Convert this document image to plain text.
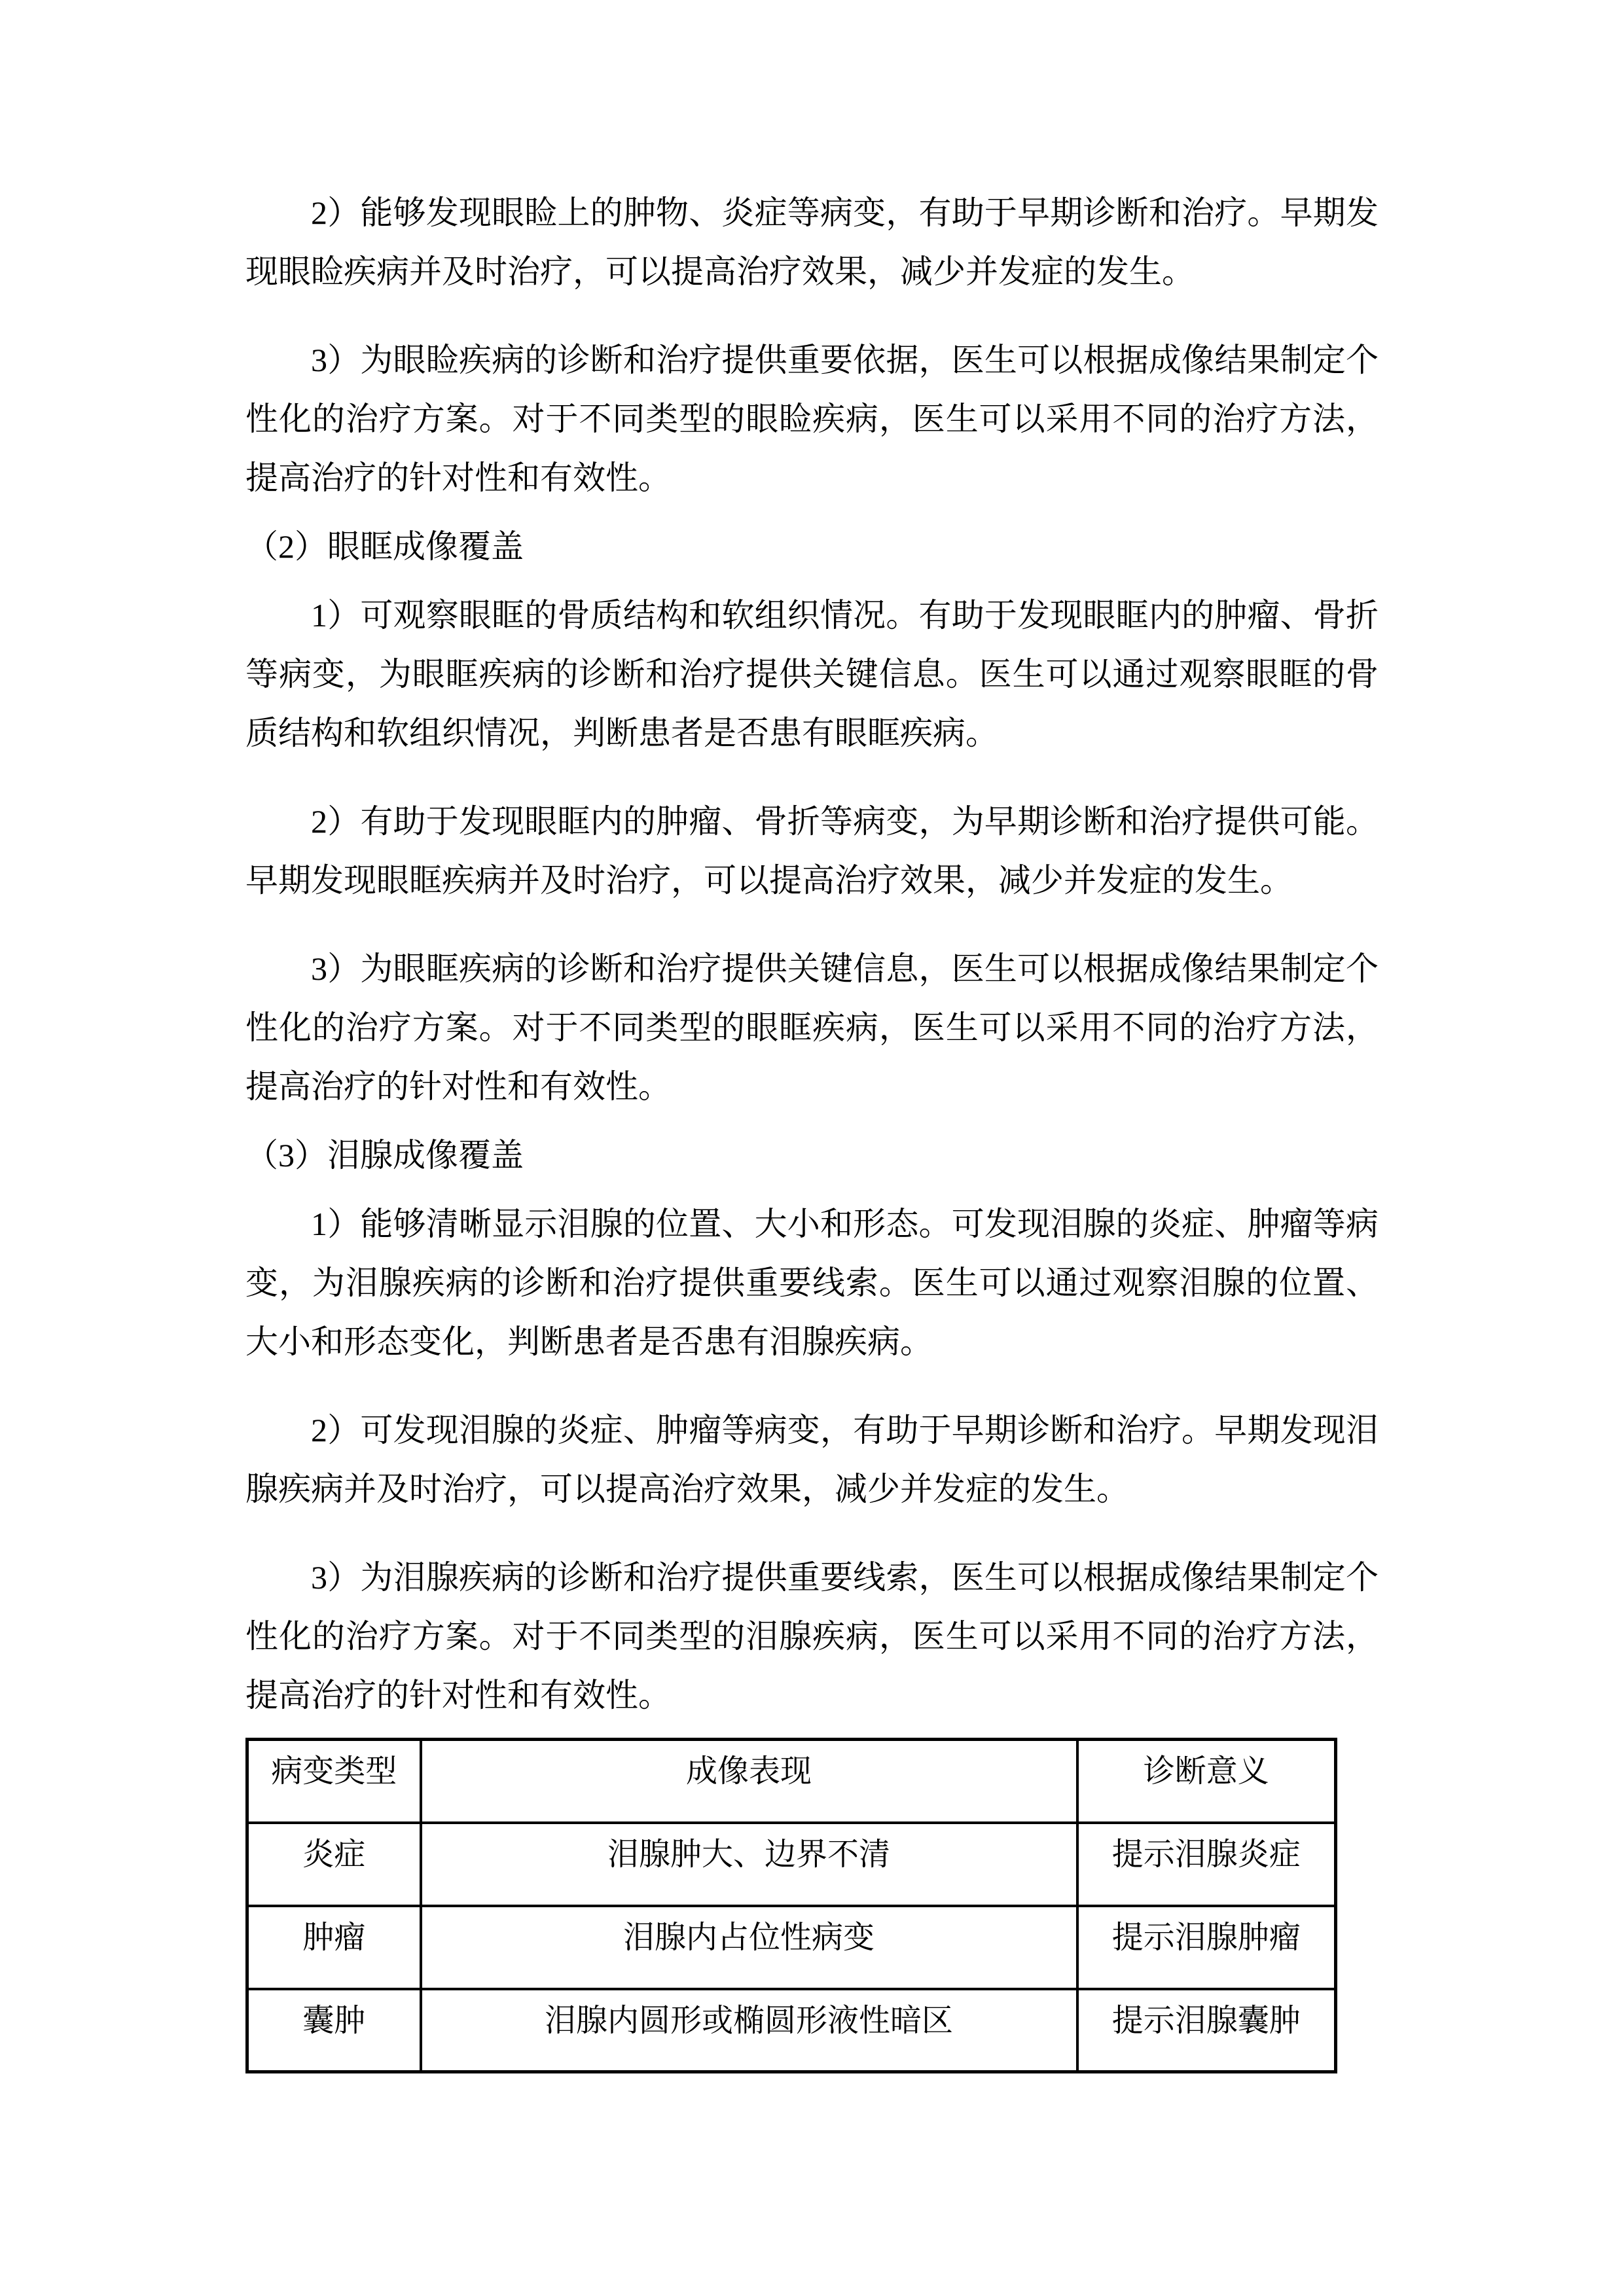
2）能够发现眼睑上的肿物、炎症等病变，有助于早期诊断和治疗。早期发现眼睑疾病并及时治疗，可以提高治疗效果，减少并发症的发生。

3）为眼睑疾病的诊断和治疗提供重要依据，医生可以根据成像结果制定个性化的治疗方案。对于不同类型的眼睑疾病，医生可以采用不同的治疗方法，提高治疗的针对性和有效性。

（2）眼眶成像覆盖

1）可观察眼眶的骨质结构和软组织情况。有助于发现眼眶内的肿瘤、骨折等病变，为眼眶疾病的诊断和治疗提供关键信息。医生可以通过观察眼眶的骨质结构和软组织情况，判断患者是否患有眼眶疾病。

2）有助于发现眼眶内的肿瘤、骨折等病变，为早期诊断和治疗提供可能。早期发现眼眶疾病并及时治疗，可以提高治疗效果，减少并发症的发生。

3）为眼眶疾病的诊断和治疗提供关键信息，医生可以根据成像结果制定个性化的治疗方案。对于不同类型的眼眶疾病，医生可以采用不同的治疗方法，提高治疗的针对性和有效性。

（3）泪腺成像覆盖

1）能够清晰显示泪腺的位置、大小和形态。可发现泪腺的炎症、肿瘤等病变，为泪腺疾病的诊断和治疗提供重要线索。医生可以通过观察泪腺的位置、大小和形态变化，判断患者是否患有泪腺疾病。

2）可发现泪腺的炎症、肿瘤等病变，有助于早期诊断和治疗。早期发现泪腺疾病并及时治疗，可以提高治疗效果，减少并发症的发生。

3）为泪腺疾病的诊断和治疗提供重要线索，医生可以根据成像结果制定个性化的治疗方案。对于不同类型的泪腺疾病，医生可以采用不同的治疗方法，提高治疗的针对性和有效性。

病变类型	成像表现	诊断意义
炎症	泪腺肿大、边界不清	提示泪腺炎症
肿瘤	泪腺内占位性病变	提示泪腺肿瘤
囊肿	泪腺内圆形或椭圆形液性暗区	提示泪腺囊肿
